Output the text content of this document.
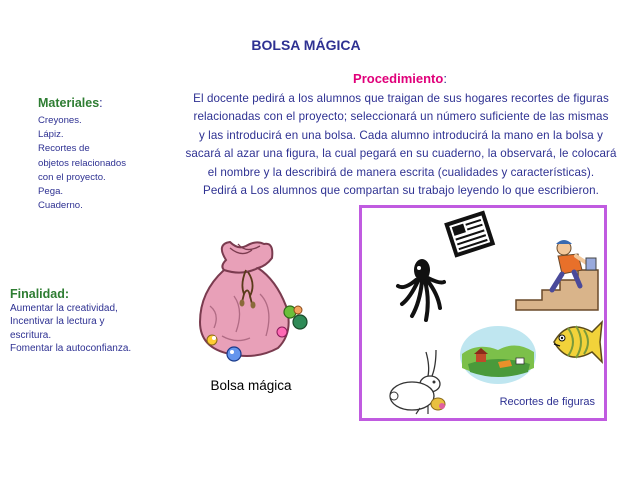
BOLSA MÁGICA
Procedimiento:
El docente pedirá a los alumnos que traigan de sus hogares recortes de figuras
relacionadas con el proyecto; seleccionará un número suficiente de las mismas
y las introducirá en una bolsa. Cada alumno introducirá la mano en la bolsa y
sacará al azar una figura, la cual pegará en su cuaderno, la observará, le colocará
el nombre y la describirá de manera escrita (cualidades y características).
Pedirá a Los alumnos que compartan su trabajo leyendo lo que escribieron.
Materiales:
Creyones.
Lápiz.
Recortes de
objetos relacionados
con el proyecto.
Pega.
Cuaderno.
Finalidad:
Aumentar la creatividad,
Incentivar la lectura y
escritura.
Fomentar la autoconfianza.
Bolsa mágica
Recortes de figuras
